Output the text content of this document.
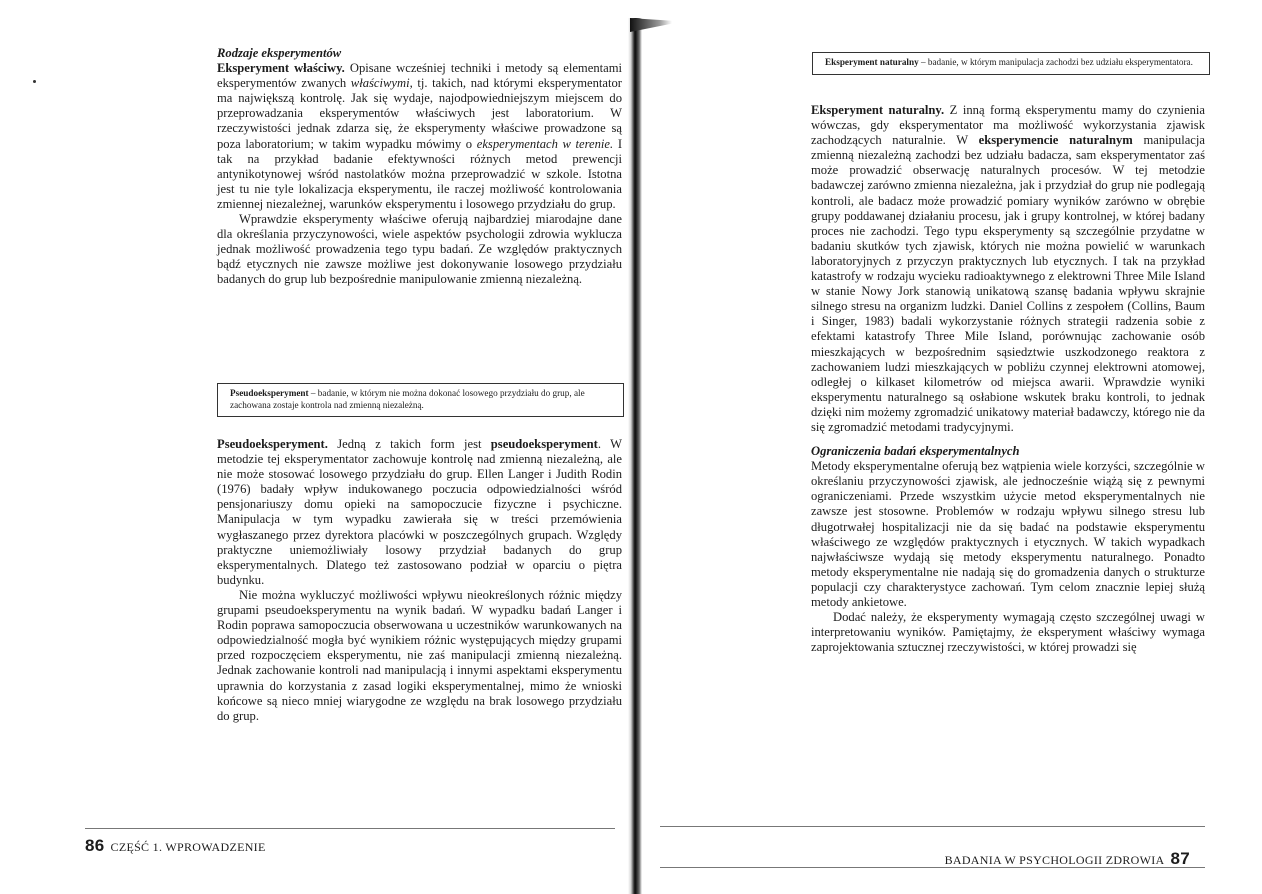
Rodzaje eksperymentów

Eksperyment właściwy. Opisane wcześniej techniki i metody są elementami eksperymentów zwanych właściwymi, tj. takich, nad którymi eksperymentator ma największą kontrolę. Jak się wydaje, najodpowiedniejszym miejscem do przeprowadzania eksperymentów właściwych jest laboratorium. W rzeczywistości jednak zdarza się, że eksperymenty właściwe prowadzone są poza laboratorium; w takim wypadku mówimy o eksperymentach w terenie. I tak na przykład badanie efektywności różnych metod prewencji antynikotynowej wśród nastolatków można przeprowadzić w szkole. Istotna jest tu nie tyle lokalizacja eksperymentu, ile raczej możliwość kontrolowania zmiennej niezależnej, warunków eksperymentu i losowego przydziału do grup.

Wprawdzie eksperymenty właściwe oferują najbardziej miarodajne dane dla określania przyczynowości, wiele aspektów psychologii zdrowia wyklucza jednak możliwość prowadzenia tego typu badań. Ze względów praktycznych bądź etycznych nie zawsze możliwe jest dokonywanie losowego przydziału badanych do grup lub bezpośrednie manipulowanie zmienną niezależną.

Pseudoeksperyment – badanie, w którym nie można dokonać losowego przydziału do grup, ale zachowana zostaje kontrola nad zmienną niezależną.

Pseudoeksperyment. Jedną z takich form jest pseudoeksperyment. W metodzie tej eksperymentator zachowuje kontrolę nad zmienną niezależną, ale nie może stosować losowego przydziału do grup. Ellen Langer i Judith Rodin (1976) badały wpływ indukowanego poczucia odpowiedzialności wśród pensjonariuszy domu opieki na samopoczucie fizyczne i psychiczne. Manipulacja w tym wypadku zawierała się w treści przemówienia wygłaszanego przez dyrektora placówki w poszczególnych grupach. Względy praktyczne uniemożliwiały losowy przydział badanych do grup eksperymentalnych. Dlatego też zastosowano podział w oparciu o piętra budynku.

Nie można wykluczyć możliwości wpływu nieokreślonych różnic między grupami pseudoeksperymentu na wynik badań. W wypadku badań Langer i Rodin poprawa samopoczucia obserwowana u uczestników warunkowanych na odpowiedzialność mogła być wynikiem różnic występujących między grupami przed rozpoczęciem eksperymentu, nie zaś manipulacji zmienną niezależną. Jednak zachowanie kontroli nad manipulacją i innymi aspektami eksperymentu uprawnia do korzystania z zasad logiki eksperymentalnej, mimo że wnioski końcowe są nieco mniej wiarygodne ze względu na brak losowego przydziału do grup.

86 CZĘŚĆ 1. WPROWADZENIE
Eksperyment naturalny – badanie, w którym manipulacja zachodzi bez udziału eksperymentatora.

Eksperyment naturalny. Z inną formą eksperymentu mamy do czynienia wówczas, gdy eksperymentator ma możliwość wykorzystania zjawisk zachodzących naturalnie. W eksperymencie naturalnym manipulacja zmienną niezależną zachodzi bez udziału badacza, sam eksperymentator zaś może prowadzić obserwację naturalnych procesów. W tej metodzie badawczej zarówno zmienna niezależna, jak i przydział do grup nie podlegają kontroli, ale badacz może prowadzić pomiary wyników zarówno w obrębie grupy poddawanej działaniu procesu, jak i grupy kontrolnej, w której badany proces nie zachodzi. Tego typu eksperymenty są szczególnie przydatne w badaniu skutków tych zjawisk, których nie można powielić w warunkach laboratoryjnych z przyczyn praktycznych lub etycznych. I tak na przykład katastrofy w rodzaju wycieku radioaktywnego z elektrowni Three Mile Island w stanie Nowy Jork stanowią unikatową szansę badania wpływu skrajnie silnego stresu na organizm ludzki. Daniel Collins z zespołem (Collins, Baum i Singer, 1983) badali wykorzystanie różnych strategii radzenia sobie z efektami katastrofy Three Mile Island, porównując zachowanie osób mieszkających w bezpośrednim sąsiedztwie uszkodzonego reaktora z zachowaniem ludzi mieszkających w pobliżu czynnej elektrowni atomowej, odległej o kilkaset kilometrów od miejsca awarii. Wprawdzie wyniki eksperymentu naturalnego są osłabione wskutek braku kontroli, to jednak dzięki nim możemy zgromadzić unikatowy materiał badawczy, którego nie da się zgromadzić metodami tradycyjnymi.

Ograniczenia badań eksperymentalnych

Metody eksperymentalne oferują bez wątpienia wiele korzyści, szczególnie w określaniu przyczynowości zjawisk, ale jednocześnie wiążą się z pewnymi ograniczeniami. Przede wszystkim użycie metod eksperymentalnych nie zawsze jest stosowne. Problemów w rodzaju wpływu silnego stresu lub długotrwałej hospitalizacji nie da się badać na podstawie eksperymentu właściwego ze względów praktycznych i etycznych. W takich wypadkach najwłaściwsze wydają się metody eksperymentu naturalnego. Ponadto metody eksperymentalne nie nadają się do gromadzenia danych o strukturze populacji czy charakterystyce zachowań. Tym celom znacznie lepiej służą metody ankietowe.

Dodać należy, że eksperymenty wymagają często szczególnej uwagi w interpretowaniu wyników. Pamiętajmy, że eksperyment właściwy wymaga zaprojektowania sztucznej rzeczywistości, w której prowadzi się

BADANIA W PSYCHOLOGII ZDROWIA 87
